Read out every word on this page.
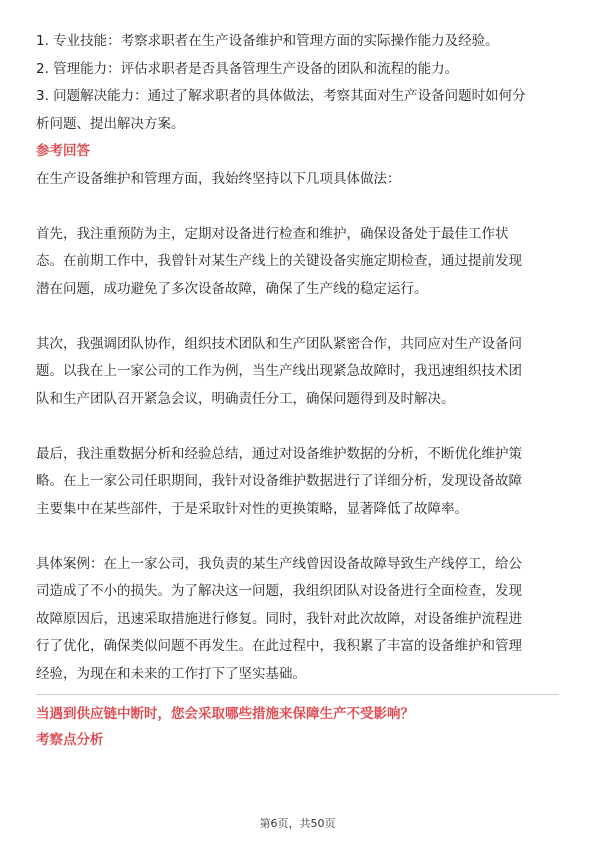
1. 专业技能：考察求职者在生产设备维护和管理方面的实际操作能力及经验。

2. 管理能力：评估求职者是否具备管理生产设备的团队和流程的能力。

3. 问题解决能力：通过了解求职者的具体做法，考察其面对生产设备问题时如何分

析问题、提出解决方案。

参考回答

在生产设备维护和管理方面，我始终坚持以下几项具体做法：

首先，我注重预防为主，定期对设备进行检查和维护，确保设备处于最佳工作状

态。在前期工作中，我曾针对某生产线上的关键设备实施定期检查，通过提前发现

潜在问题，成功避免了多次设备故障，确保了生产线的稳定运行。

其次，我强调团队协作，组织技术团队和生产团队紧密合作，共同应对生产设备问

题。以我在上一家公司的工作为例，当生产线出现紧急故障时，我迅速组织技术团

队和生产团队召开紧急会议，明确责任分工，确保问题得到及时解决。

最后，我注重数据分析和经验总结，通过对设备维护数据的分析，不断优化维护策

略。在上一家公司任职期间，我针对设备维护数据进行了详细分析，发现设备故障

主要集中在某些部件，于是采取针对性的更换策略，显著降低了故障率。

具体案例：在上一家公司，我负责的某生产线曾因设备故障导致生产线停工，给公

司造成了不小的损失。为了解决这一问题，我组织团队对设备进行全面检查，发现

故障原因后，迅速采取措施进行修复。同时，我针对此次故障，对设备维护流程进

行了优化，确保类似问题不再发生。在此过程中，我积累了丰富的设备维护和管理

经验，为现在和未来的工作打下了坚实基础。

当遇到供应链中断时，您会采取哪些措施来保障生产不受影响？

考察点分析

第6页，共50页
